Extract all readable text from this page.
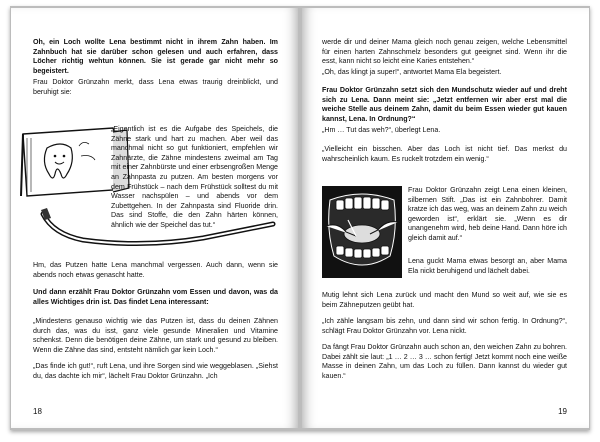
Oh, ein Loch wollte Lena bestimmt nicht in ihrem Zahn haben. Im Zahnbuch hat sie darüber schon gelesen und auch erfahren, dass Löcher richtig wehtun können. Sie ist gerade gar nicht mehr so begeistert.

Frau Doktor Grünzahn merkt, dass Lena etwas traurig dreinblickt, und beruhigt sie:

„Eigentlich ist es die Aufgabe des Speichels, die Zähne stark und hart zu machen. Aber weil das manchmal nicht so gut funktioniert, empfehlen wir Zahnärzte, die Zähne mindestens zweimal am Tag mit einer Zahnbürste und einer erbsengroßen Menge an Zahnpasta zu putzen. Am besten morgens vor dem Frühstück – nach dem Frühstück solltest du mit Wasser nachspülen – und abends vor dem Zubettgehen. In der Zahnpasta sind Fluoride drin. Das sind Stoffe, die den Zahn härten können, ähnlich wie der Speichel das tut.“

Hm, das Putzen hatte Lena manchmal vergessen. Auch dann, wenn sie abends noch etwas genascht hatte.

Und dann erzählt Frau Doktor Grünzahn vom Essen und davon, was da alles Wichtiges drin ist. Das findet Lena interessant:

„Mindestens genauso wichtig wie das Putzen ist, dass du deinen Zähnen durch das, was du isst, ganz viele gesunde Mineralien und Vitamine schenkst. Denn die benötigen deine Zähne, um stark und gesund zu bleiben. Wenn die Zähne das sind, entsteht nämlich gar kein Loch.“

„Das finde ich gut!“, ruft Lena, und ihre Sorgen sind wie weggeblasen. „Siehst du, das dachte ich mir“, lächelt Frau Doktor Grünzahn. „Ich

18

werde dir und deiner Mama gleich noch genau zeigen, welche Lebensmittel für einen harten Zahnschmelz besonders gut geeignet sind. Wenn ihr die esst, kann nicht so leicht eine Karies entstehen.“

„Oh, das klingt ja super!“, antwortet Mama Ela begeistert.

Frau Doktor Grünzahn setzt sich den Mundschutz wieder auf und dreht sich zu Lena. Dann meint sie: „Jetzt entfernen wir aber erst mal die weiche Stelle aus deinem Zahn, damit du beim Essen wieder gut kauen kannst, Lena. In Ordnung?“

„Hm … Tut das weh?“, überlegt Lena.

„Vielleicht ein bisschen. Aber das Loch ist nicht tief. Das merkst du wahrscheinlich kaum. Es ruckelt trotzdem ein wenig.“

Frau Doktor Grünzahn zeigt Lena einen kleinen, silbernen Stift. „Das ist ein Zahnbohrer. Damit kratze ich das weg, was an deinem Zahn zu weich geworden ist“, erklärt sie. „Wenn es dir unangenehm wird, heb deine Hand. Dann höre ich gleich damit auf.“

Lena guckt Mama etwas besorgt an, aber Mama Ela nickt beruhigend und lächelt dabei.

Mutig lehnt sich Lena zurück und macht den Mund so weit auf, wie sie es beim Zähneputzen geübt hat.

„Ich zähle langsam bis zehn, und dann sind wir schon fertig. In Ordnung?“, schlägt Frau Doktor Grünzahn vor. Lena nickt.

Da fängt Frau Doktor Grünzahn auch schon an, den weichen Zahn zu bohren. Dabei zählt sie laut: „1 … 2 … 3 … schon fertig! Jetzt kommt noch eine weiße Masse in deinen Zahn, um das Loch zu füllen. Dann kannst du wieder gut kauen.“

19
